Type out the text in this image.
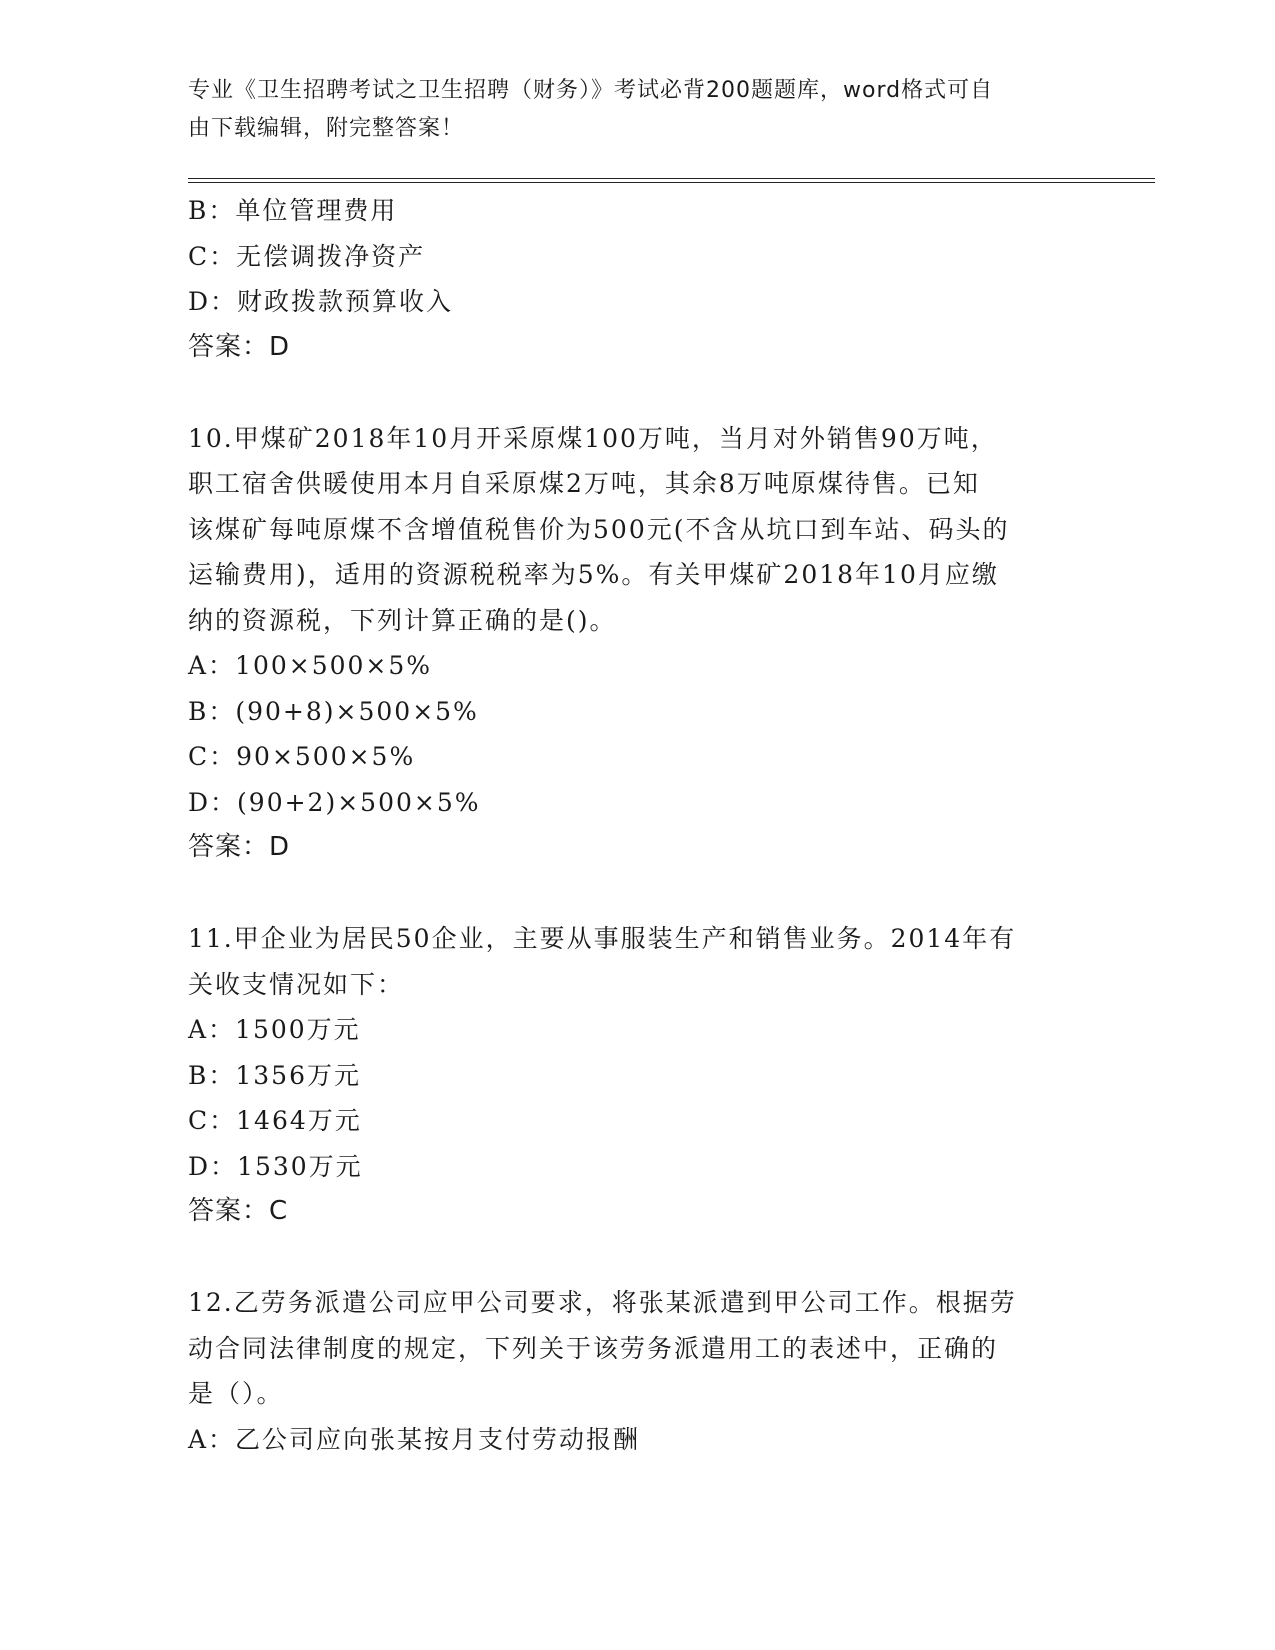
专业《卫生招聘考试之卫生招聘（财务）》考试必背200题题库，word格式可自
由下载编辑，附完整答案！
B：单位管理费用
C：无偿调拨净资产
D：财政拨款预算收入
答案：D
10.甲煤矿2018年10月开采原煤100万吨，当月对外销售90万吨，
职工宿舍供暖使用本月自采原煤2万吨，其余8万吨原煤待售。已知
该煤矿每吨原煤不含增值税售价为500元(不含从坑口到车站、码头的
运输费用)，适用的资源税税率为5%。有关甲煤矿2018年10月应缴
纳的资源税，下列计算正确的是()。
A：100×500×5%
B：(90+8)×500×5%
C：90×500×5%
D：(90+2)×500×5%
答案：D
11.甲企业为居民50企业，主要从事服装生产和销售业务。2014年有
关收支情况如下：
A：1500万元
B：1356万元
C：1464万元
D：1530万元
答案：C
12.乙劳务派遣公司应甲公司要求，将张某派遣到甲公司工作。根据劳
动合同法律制度的规定，下列关于该劳务派遣用工的表述中，正确的
是（）。
A：乙公司应向张某按月支付劳动报酬
